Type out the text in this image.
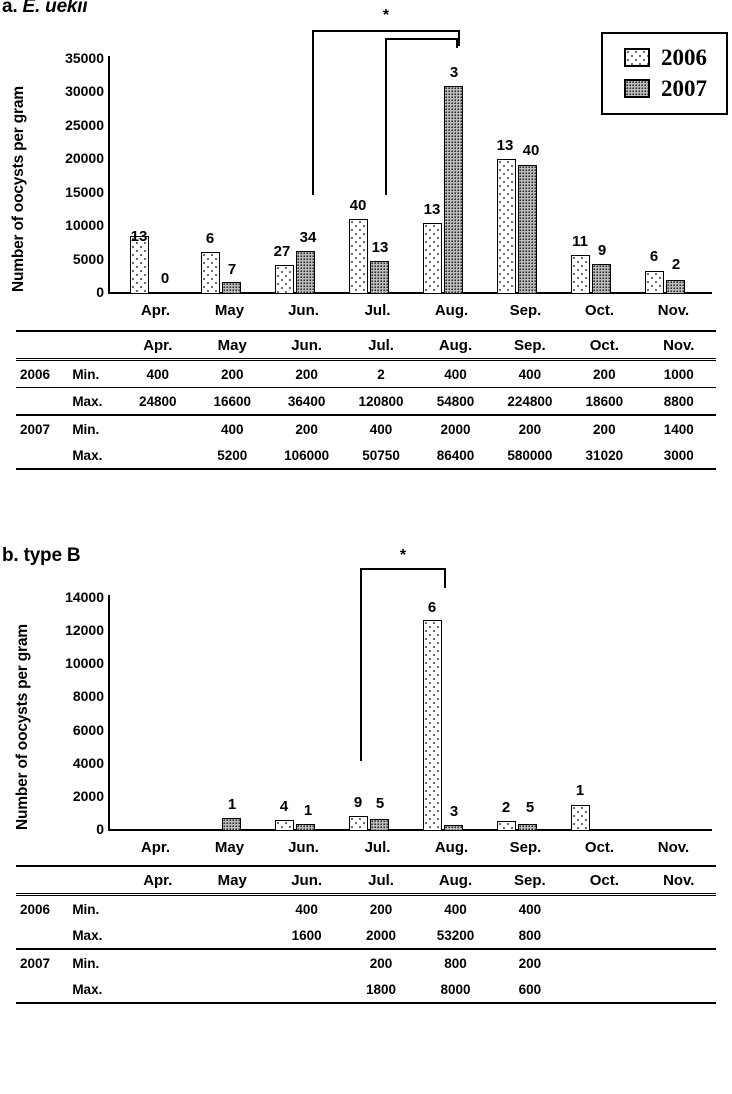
a. E. uekii
Number of oocysts per gram
35000
30000
25000
20000
15000
10000
5000
0
13
0
6
7
27
34
40
13
13
3
13 40
11
9	6 2
Apr.	May	Jun.	Jul.	Aug.	Sep.	Oct.	Nov.
*
2006
2007
		Apr.	May	Jun.	Jul.	Aug.	Sep.	Oct.	Nov.
2006	Min.	400	200	200	2	400	400	200	1000
	Max.	24800	16600	36400	120800	54800	224800	18600	8800
2007	Min.		400	200	400	2000	200	200	1400
	Max.		5200	106000	50750	86400	580000	31020	3000
b. type B
Number of oocysts per gram
14000
12000
10000
8000
6000
4000
2000
0
1	4 1	9 5
6
3	2 5
1
Apr.	May	Jun.	Jul.	Aug.	Sep.	Oct.	Nov.
*
		Apr.	May	Jun.	Jul.	Aug.	Sep.	Oct.	Nov.
2006	Min.			400	200	400	400		
	Max.			1600	2000	53200	800		
2007	Min.				200	800	200		
	Max.				1800	8000	600		
